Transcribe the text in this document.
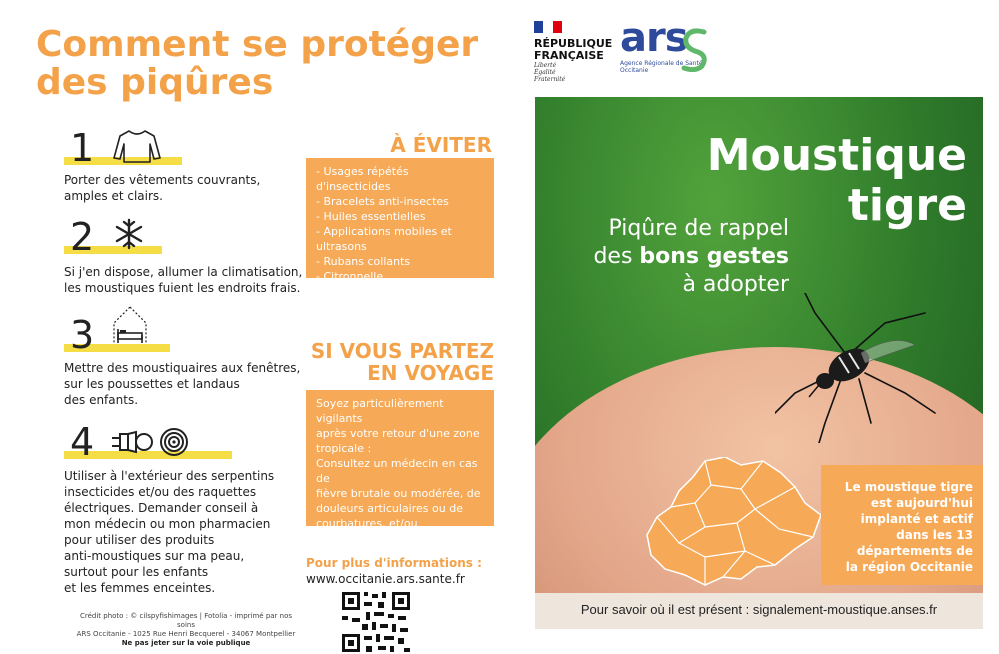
Comment se protéger
des piqûres
1
Porter des vêtements couvrants,
amples et clairs.
2
Si j'en dispose, allumer la climatisation,
les moustiques fuient les endroits frais.
3
Mettre des moustiquaires aux fenêtres,
sur les poussettes et landaus
des enfants.
4
Utiliser à l'extérieur des serpentins
insecticides et/ou des raquettes
électriques. Demander conseil à
mon médecin ou mon pharmacien
pour utiliser des produits
anti-moustiques sur ma peau,
surtout pour les enfants
et les femmes enceintes.
Crédit photo : © cilspyfishimages | Fotolia - imprimé par nos soins
ARS Occitanie - 1025 Rue Henri Becquerel - 34067 Montpellier
Ne pas jeter sur la voie publique
À ÉVITER
- Usages répétés d'insecticides
- Bracelets anti-insectes
- Huiles essentielles
- Applications mobiles et
ultrasons
- Rubans collants
- Citronnelle
SI VOUS PARTEZ
EN VOYAGE
Soyez particulièrement vigilants
après votre retour d'une zone
tropicale :
Consultez un médecin en cas de
fièvre brutale ou modérée, de
douleurs articulaires ou de
courbatures, et/ou
d'éruptions cutanées.
Pour plus d'informations :
www.occitanie.ars.sante.fr
RÉPUBLIQUE
FRANÇAISE
Liberté
Égalité
Fraternité
ars
Agence Régionale de Santé
Occitanie
Moustique
tigre
Piqûre de rappel
des bons gestes
à adopter
Le moustique tigre
est aujourd'hui
implanté et actif
dans les 13
départements de
la région Occitanie
Pour savoir où il est présent : signalement-moustique.anses.fr
